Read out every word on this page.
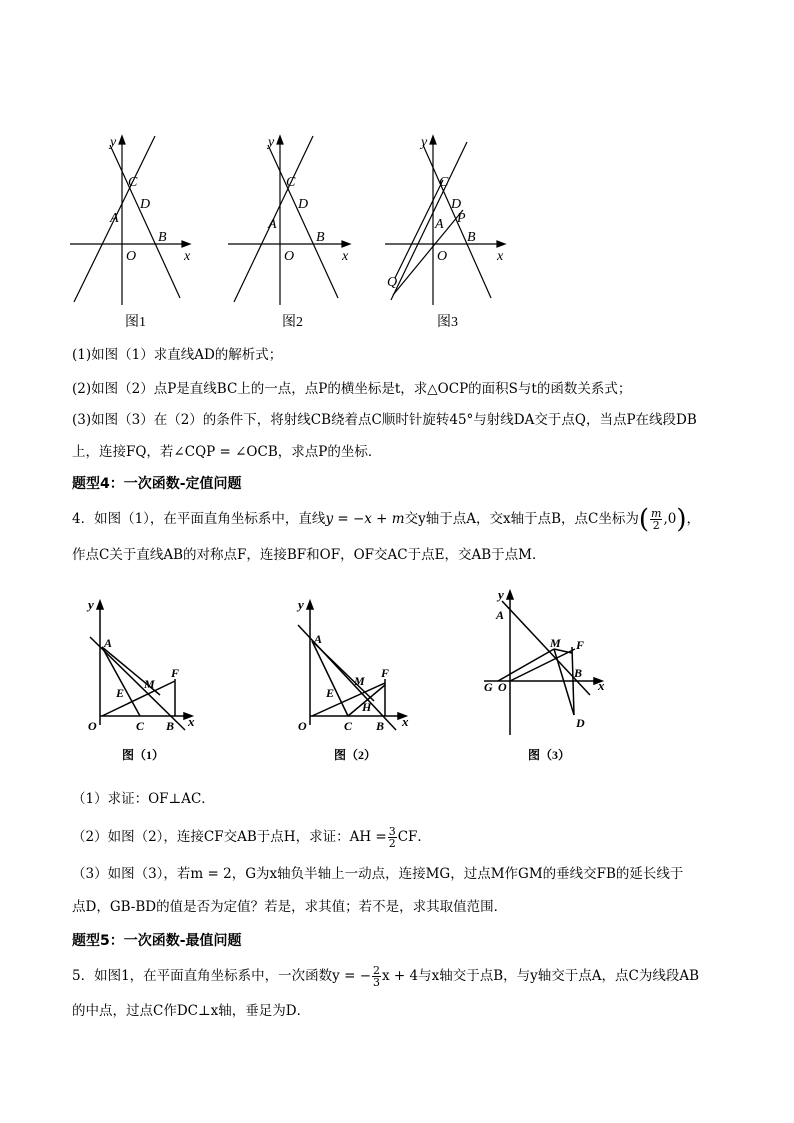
y
x
C
D
A
B
O
图1
y
x
C
D
A
B
O
图2
y
x
C
D
P
A
B
O
Q
图3
(1)如图（1）求直线AD的解析式；
(2)如图（2）点P是直线BC上的一点，点P的横坐标是t，求△OCP的面积S与t的函数关系式；
(3)如图（3）在（2）的条件下，将射线CB绕着点C顺时针旋转45°与射线DA交于点Q，当点P在线段DB
上，连接FQ，若∠CQP = ∠OCB，求点P的坐标．
题型4：一次函数-定值问题
4．如图（1），在平面直角坐标系中，直线y = −x + m交y轴于点A，交x轴于点B，点C坐标为( $\frac{m}{2} ,0$)，
作点C关于直线AB的对称点F，连接BF和OF，OF交AC于点E，交AB于点M．
y
x
A
E
M
F
O	C B
图（1）
y
x
A
E
M
H
F
O	C B
图（2）
y
x
A
M F
B
G O
D
图（3）
（1）求证：OF⊥AC．
（2）如图（2），连接CF交AB于点H，求证：AH = $\frac{3}{2}$ CF．
（3）如图（3），若m = 2，G为x轴负半轴上一动点，连接MG，过点M作GM的垂线交FB的延长线于
点D，GB-BD的值是否为定值？若是，求其值；若不是，求其取值范围．
题型5：一次函数-最值问题
5．如图1，在平面直角坐标系中，一次函数y = − $\frac{2}{3}$ x + 4与x轴交于点B，与y轴交于点A，点C为线段AB
的中点，过点C作DC⊥x轴，垂足为D．
